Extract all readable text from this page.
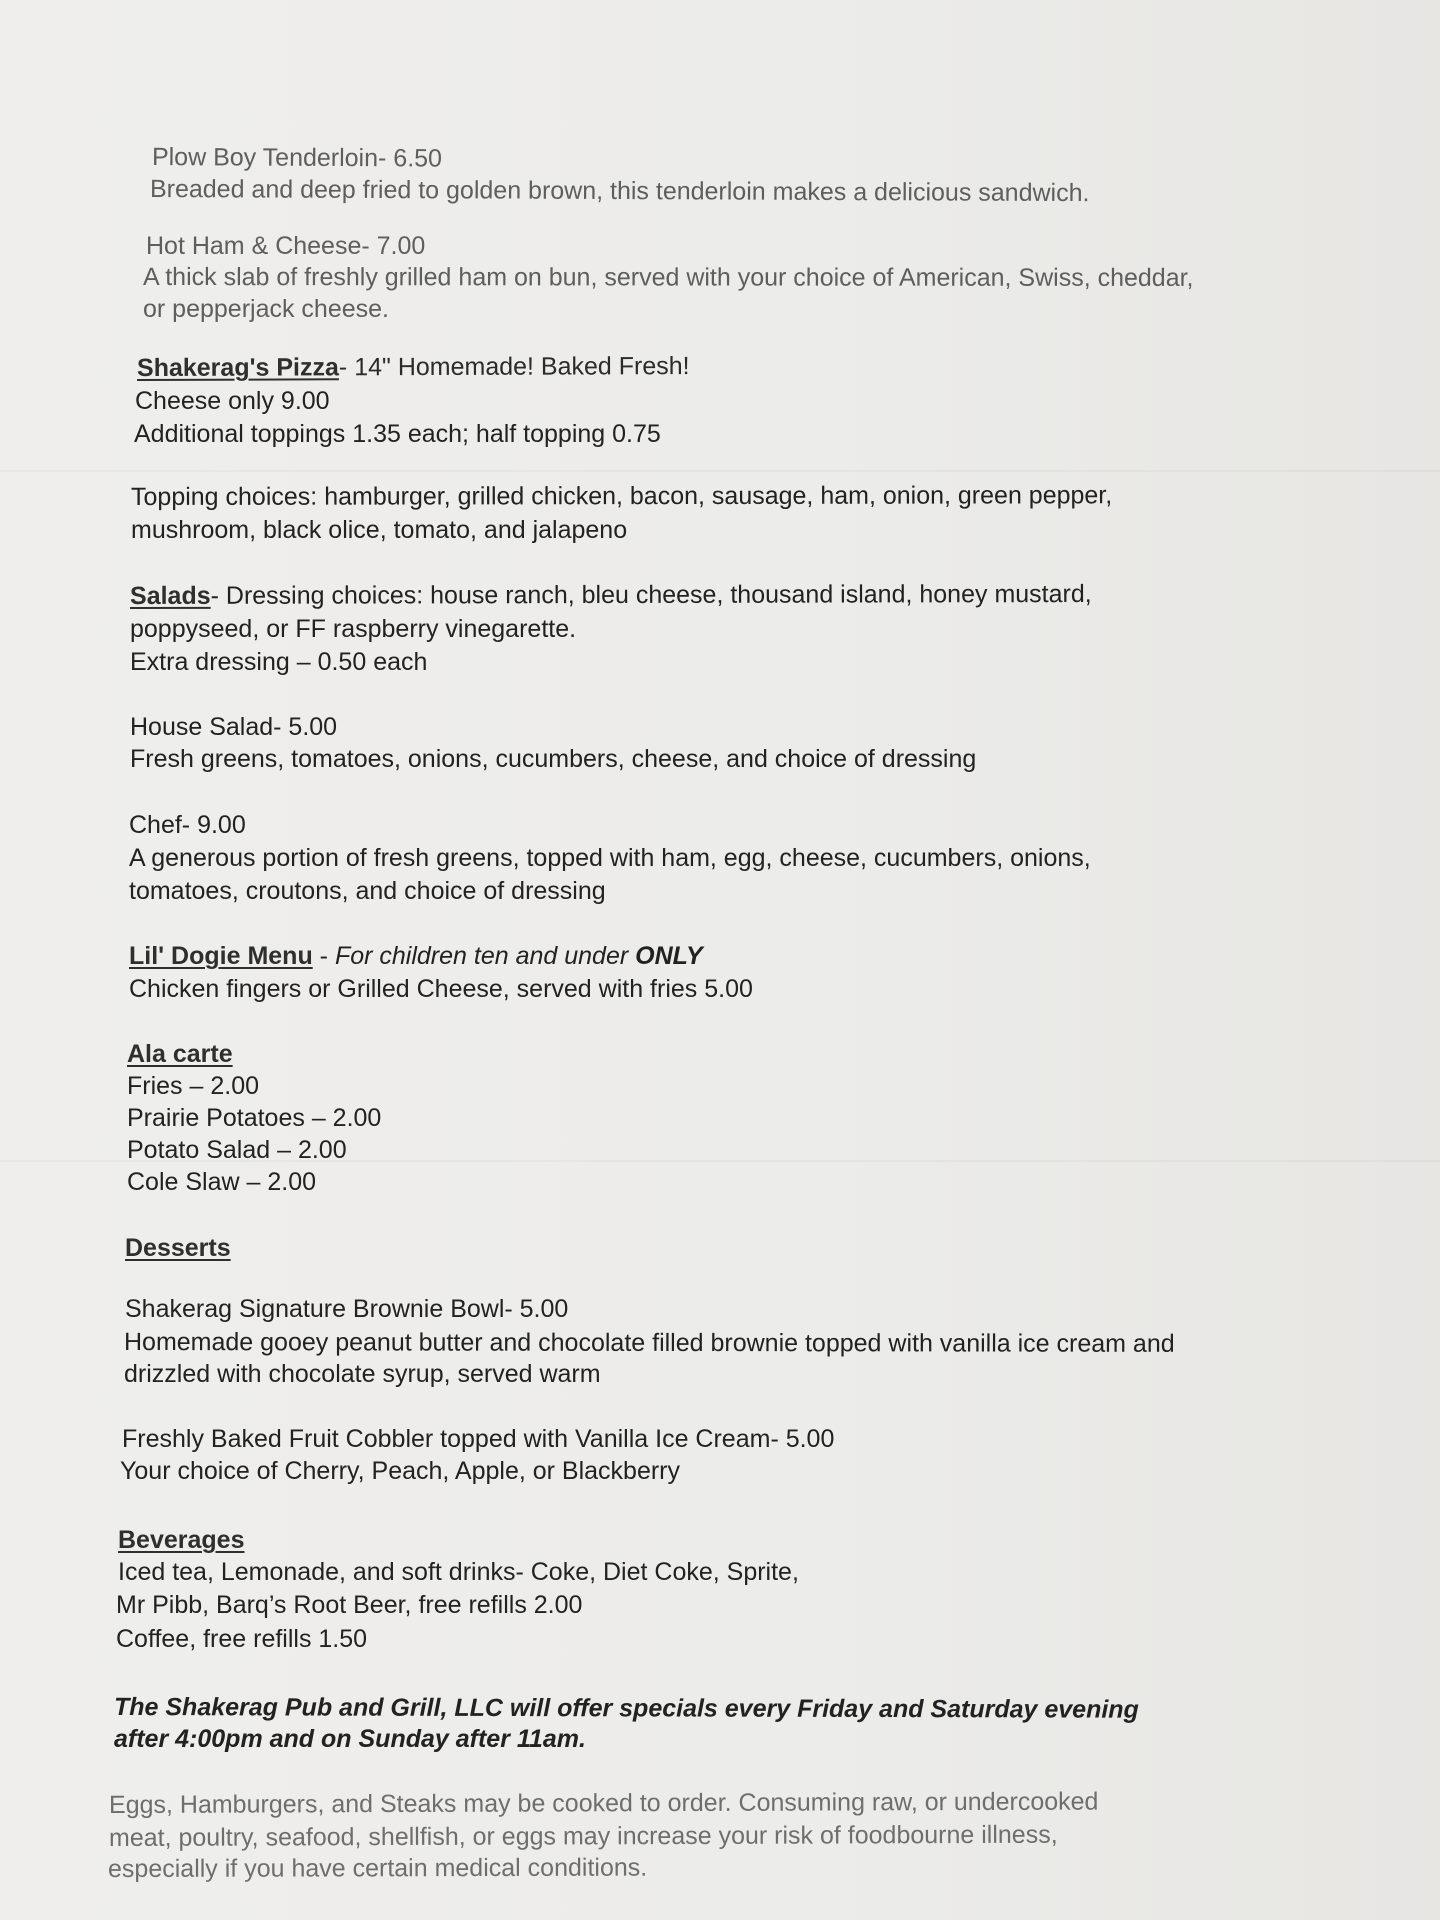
Plow Boy Tenderloin- 6.50
Breaded and deep fried to golden brown, this tenderloin makes a delicious sandwich.
Hot Ham & Cheese- 7.00
A thick slab of freshly grilled ham on bun, served with your choice of American, Swiss, cheddar,
or pepperjack cheese.
Shakerag's Pizza- 14" Homemade! Baked Fresh!
Cheese only 9.00
Additional toppings 1.35 each; half topping 0.75
Topping choices: hamburger, grilled chicken, bacon, sausage, ham, onion, green pepper,
mushroom, black olice, tomato, and jalapeno
Salads- Dressing choices: house ranch, bleu cheese, thousand island, honey mustard,
poppyseed, or FF raspberry vinegarette.
Extra dressing – 0.50 each
House Salad- 5.00
Fresh greens, tomatoes, onions, cucumbers, cheese, and choice of dressing
Chef- 9.00
A generous portion of fresh greens, topped with ham, egg, cheese, cucumbers, onions,
tomatoes, croutons, and choice of dressing
Lil' Dogie Menu - For children ten and under ONLY
Chicken fingers or Grilled Cheese, served with fries 5.00
Ala carte
Fries – 2.00
Prairie Potatoes – 2.00
Potato Salad – 2.00
Cole Slaw – 2.00
Desserts
Shakerag Signature Brownie Bowl- 5.00
Homemade gooey peanut butter and chocolate filled brownie topped with vanilla ice cream and
drizzled with chocolate syrup, served warm
Freshly Baked Fruit Cobbler topped with Vanilla Ice Cream- 5.00
Your choice of Cherry, Peach, Apple, or Blackberry
Beverages
Iced tea, Lemonade, and soft drinks- Coke, Diet Coke, Sprite,
Mr Pibb, Barq’s Root Beer, free refills 2.00
Coffee, free refills 1.50
The Shakerag Pub and Grill, LLC will offer specials every Friday and Saturday evening
after 4:00pm and on Sunday after 11am.
Eggs, Hamburgers, and Steaks may be cooked to order. Consuming raw, or undercooked
meat, poultry, seafood, shellfish, or eggs may increase your risk of foodbourne illness,
especially if you have certain medical conditions.
